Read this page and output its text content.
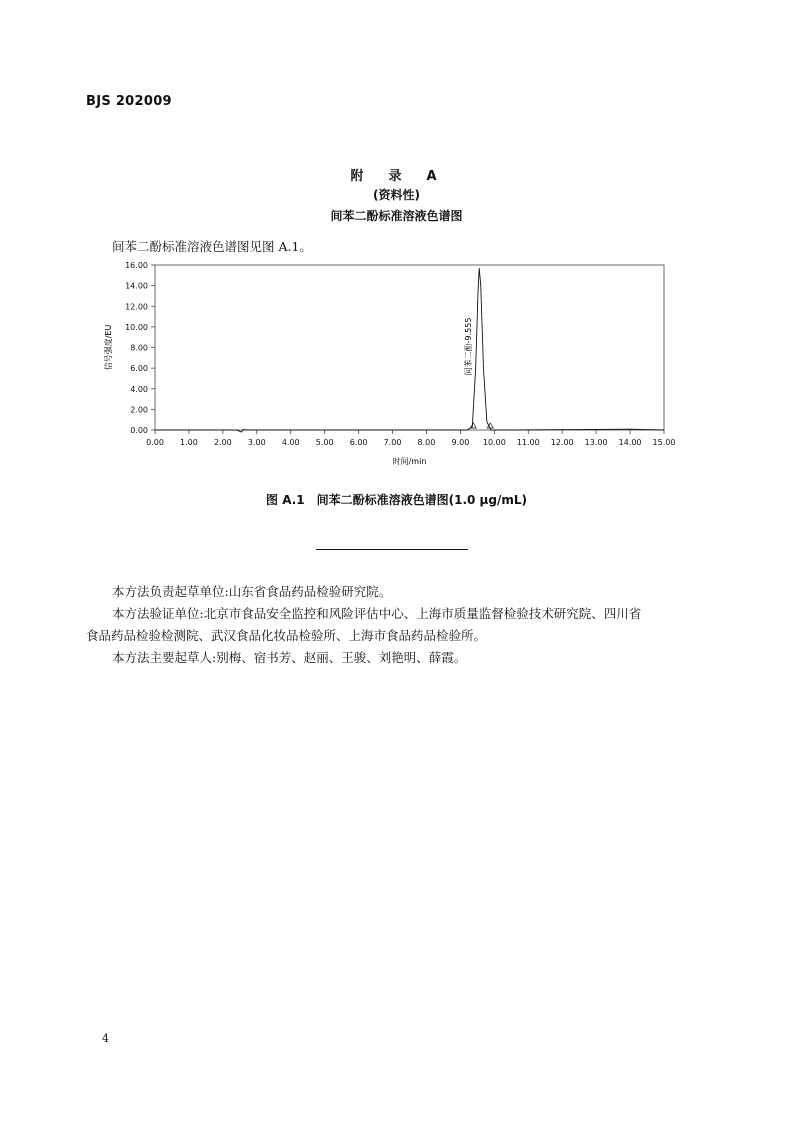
BJS 202009
附　录　A
(资料性)
间苯二酚标准溶液色谱图
间苯二酚标准溶液色谱图见图 A.1。
0.00 1.00 2.00 3.00 4.00 5.00 6.00 7.00 8.00 9.00 10.00 11.00 12.00 13.00 14.00 15.00
0.00
2.00
4.00
6.00
8.00
10.00
12.00
14.00
16.00
信号强度/EU
时间/min
间苯二酚-9.555
图 A.1　间苯二酚标准溶液色谱图(1.0 μg/mL)
本方法负责起草单位:山东省食品药品检验研究院。
本方法验证单位:北京市食品安全监控和风险评估中心、上海市质量监督检验技术研究院、四川省
食品药品检验检测院、武汉食品化妆品检验所、上海市食品药品检验所。
本方法主要起草人:别梅、宿书芳、赵丽、王骏、刘艳明、薛霞。
4
